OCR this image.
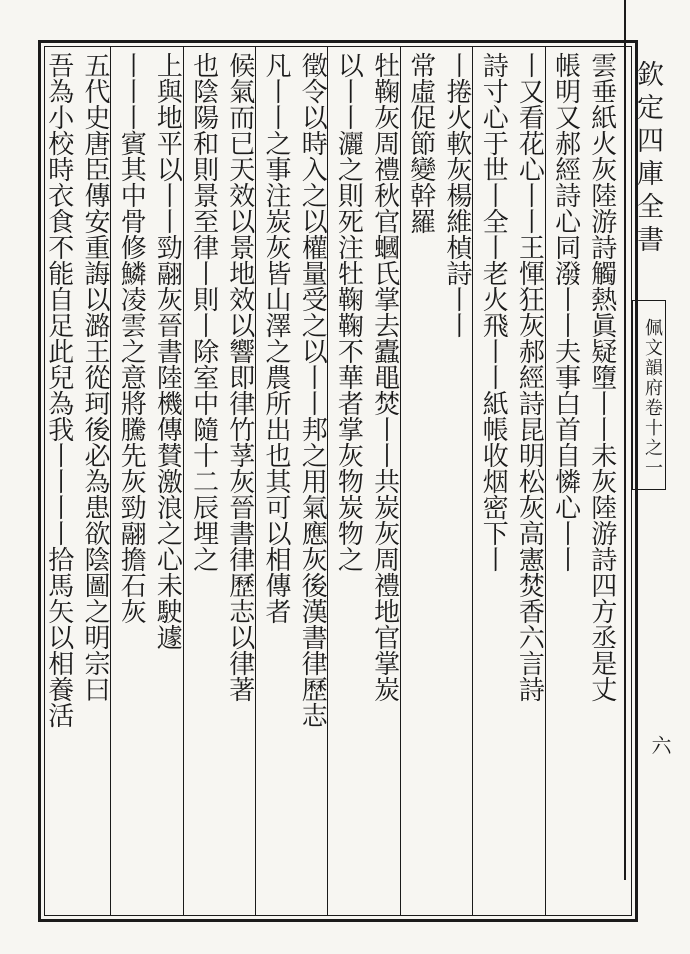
欽定四庫全書
佩文韻府卷十之一
六
雲垂紙火灰陸游詩觸熱眞疑墮丨丨未灰陸游詩四方丞是丈
帳明又郝經詩心同潑丨丨夫事白首自憐心丨丨
丨又看花心丨丨王惲狂灰郝經詩昆明松灰高憲焚香六言詩
詩寸心于世丨全丨老火飛丨丨紙帳收烟密下丨
丨捲火軟灰楊維楨詩丨丨
常虛促節變幹羅
牡鞠灰周禮秋官蟈氏掌去蠹黽焚丨丨共炭灰周禮地官掌炭
以丨丨灑之則死注牡鞠鞠不華者掌灰物炭物之
徵令以時入之以權量受之以丨丨邦之用氣應灰後漢書律歷志
凡丨丨之事注炭灰皆山澤之農所出也其可以相傳者
候氣而已天效以景地效以響即律竹莩灰晉書律歷志以律著
也陰陽和則景至律丨則丨除室中隨十二辰埋之
上與地平以丨丨勁翮灰晉書陸機傳賛激浪之心未駛遽
丨丨丨賓其中骨修鱗凌雲之意將騰先灰勁翮擔石灰
五代史唐臣傳安重誨以潞王從珂後必為患欲陰圖之明宗曰
吾為小校時衣食不能自足此兒為我丨丨丨丨拾馬矢以相養活
